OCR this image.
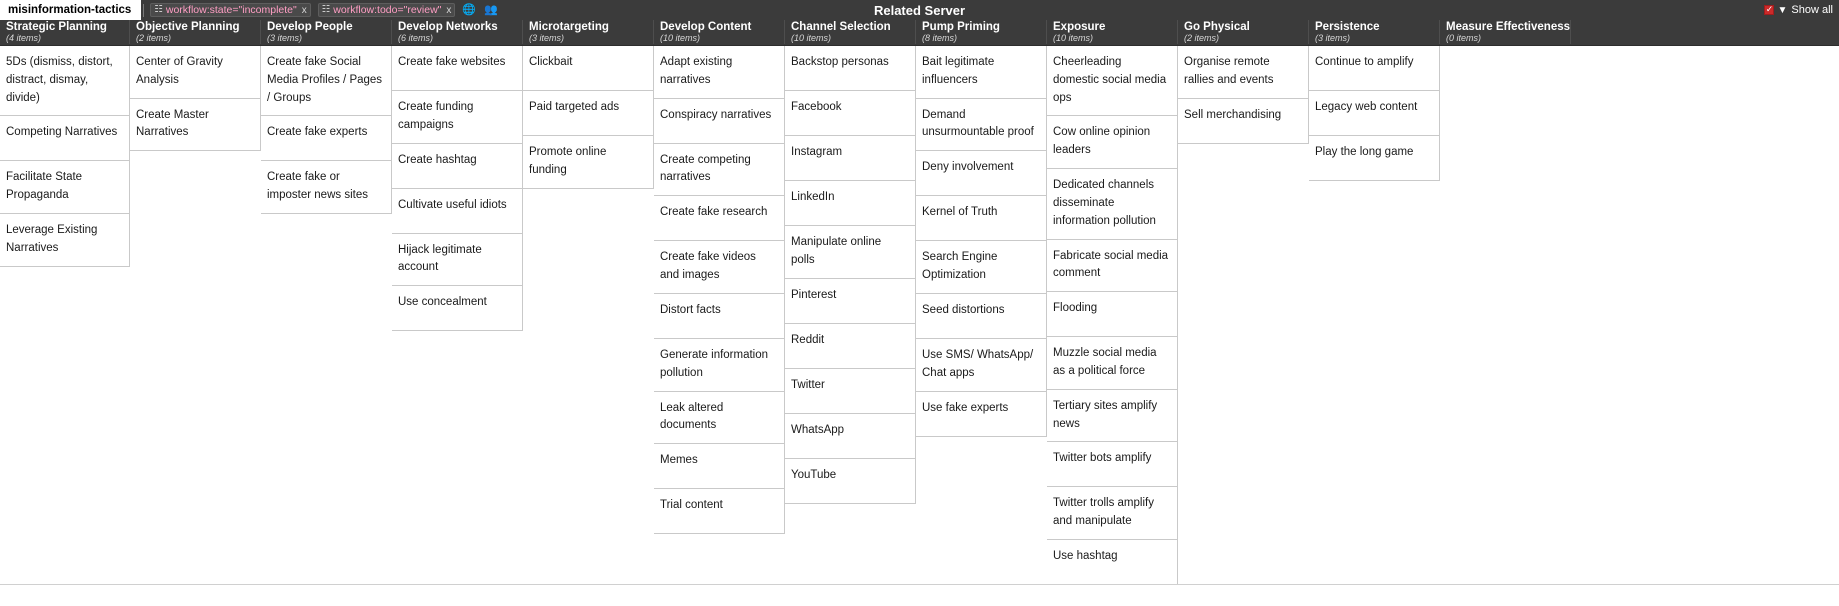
misinformation-tactics ☷ workflow:state="incomplete" x ☷ workflow:todo="review" x 🌐 👥	Related Server ✓	▼ Show all
Strategic Planning
(4 items)
Objective Planning
(2 items)
Develop People
(3 items)
Develop Networks
(6 items)
Microtargeting
(3 items)
Develop Content
(10 items)
Channel Selection
(10 items)
Pump Priming
(8 items)
Exposure
(10 items)
Go Physical
(2 items)
Persistence
(3 items)
Measure Effectiveness
(0 items)
5Ds (dismiss, distort, distract, dismay, divide)
Competing Narratives
Facilitate State Propaganda
Leverage Existing Narratives
Center of Gravity Analysis
Create Master Narratives
Create fake Social Media Profiles / Pages / Groups
Create fake experts
Create fake or imposter news sites
Create fake websites
Create funding campaigns
Create hashtag
Cultivate useful idiots
Hijack legitimate account
Use concealment
Clickbait
Paid targeted ads
Promote online funding
Adapt existing narratives
Conspiracy narratives
Create competing narratives
Create fake research
Create fake videos and images
Distort facts
Generate information pollution
Leak altered documents
Memes
Trial content
Backstop personas
Facebook
Instagram
LinkedIn
Manipulate online polls
Pinterest
Reddit
Twitter
WhatsApp
YouTube
Bait legitimate influencers
Demand unsurmountable proof
Deny involvement
Kernel of Truth
Search Engine Optimization
Seed distortions
Use SMS/ WhatsApp/ Chat apps
Use fake experts
Cheerleading domestic social media ops
Cow online opinion leaders
Dedicated channels disseminate information pollution
Fabricate social media comment
Flooding
Muzzle social media as a political force
Tertiary sites amplify news
Twitter bots amplify
Twitter trolls amplify and manipulate
Use hashtag
Organise remote rallies and events
Sell merchandising
Continue to amplify
Legacy web content
Play the long game
